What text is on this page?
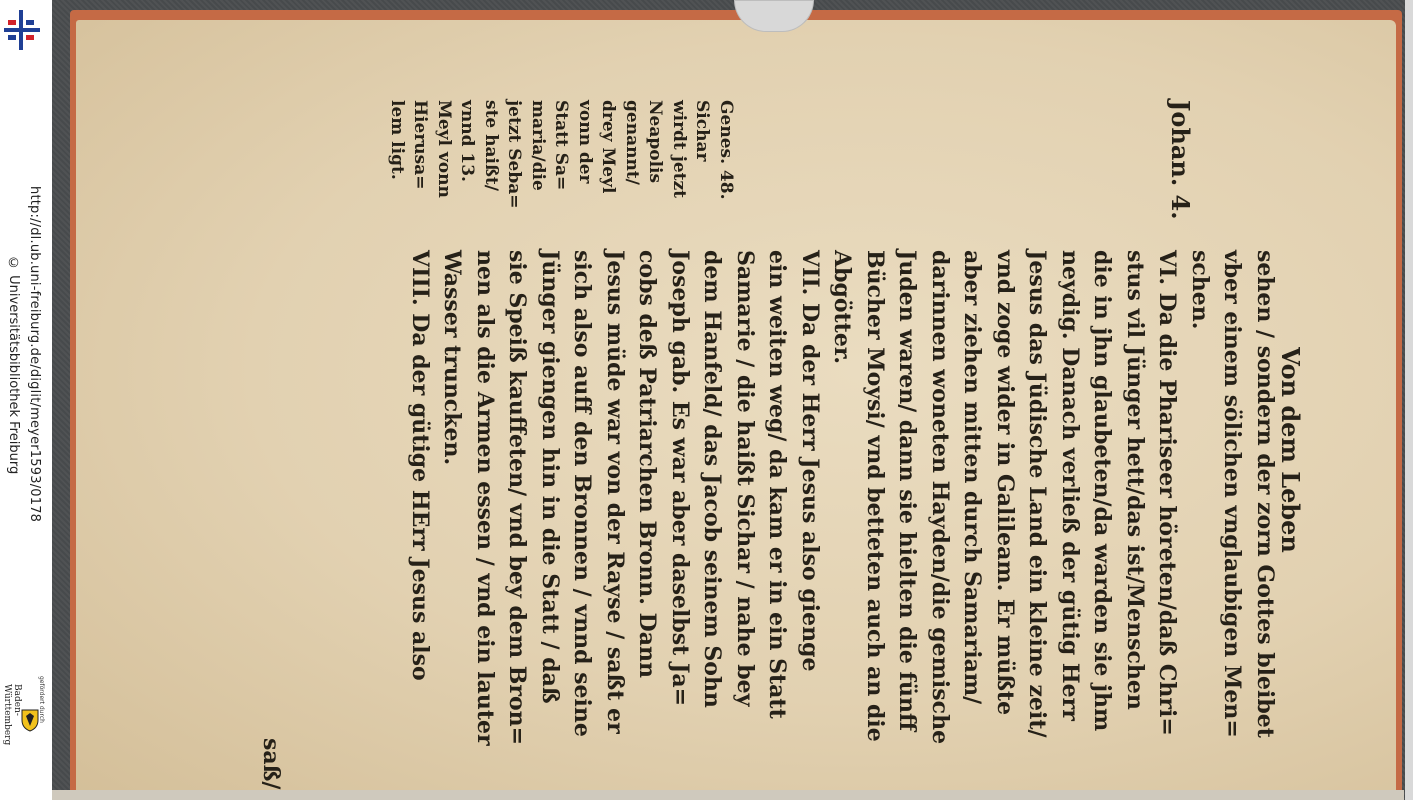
Von dem Leben
Johan. 4.
sehen / sondern der zorn Gottes bleibet
vber einem sölichen vnglaubigen Men=
schen.
VI. Da die Phariseer höreten/daß Chri=
stus vil Jünger hett/das ist/Menschen
die in jhn glaubeten/da warden sie jhm
neydig. Danach verließ der gütig Herr
Jesus das Jüdische Land ein kleine zeit/
vnd zoge wider in Galileam. Er müßte
aber ziehen mitten durch Samariam/
darinnen woneten Hayden/die gemische
Juden waren/ dann sie hielten die fünff
Bücher Moysi/ vnd betteten auch an die
Abgötter.
VII. Da der Herr Jesus also gienge
ein weiten weg/ da kam er in ein Statt
Samarie / die haißt Sichar / nahe bey
dem Hanfeld/ das Jacob seinem Sohn
Joseph gab. Es war aber daselbst Ja=
cobs deß Patriarchen Bronn. Dann
Jesus müde war von der Rayse / saßt er
sich also auff den Bronnen / vnnd seine
Jünger giengen hin in die Statt / daß
sie Speiß kauffeten/ vnd bey dem Bron=
nen als die Armen essen / vnd ein lauter
Wasser truncken.
VIII. Da der gütige HErr Jesus also
Genes. 48.
Sichar
wirdt jetzt
Neapolis
genannt/
drey Meyl
vonn der
Statt Sa=
maria/die
jetzt Seba=
ste haißt/
vnnd 13.
Meyl vonn
Hierusa=
lem ligt.
saß/
http://dl.ub.uni-freiburg.de/diglit/meyer1593/0178
© Universitätsbibliothek Freiburg
gefördert durch
Baden-
Württemberg
